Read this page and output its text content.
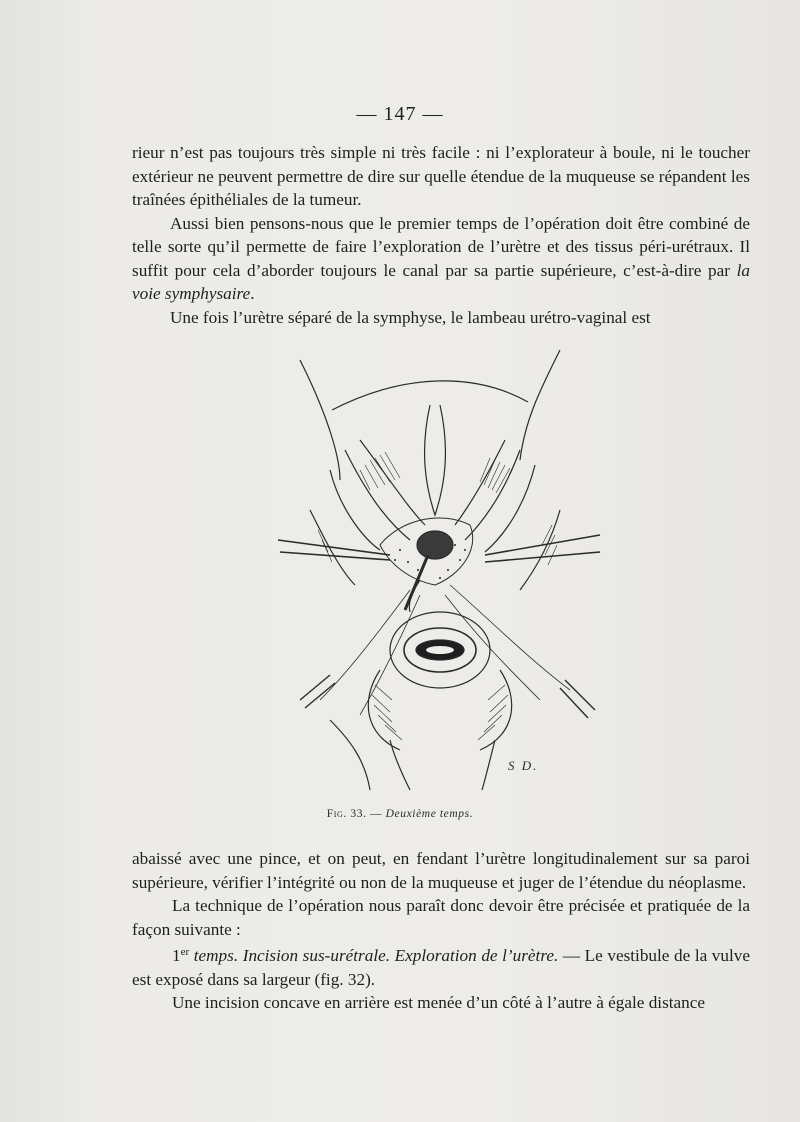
— 147 —

rieur n’est pas toujours très simple ni très facile : ni l’explorateur à boule, ni le toucher extérieur ne peuvent permettre de dire sur quelle étendue de la muqueuse se répandent les traînées épithéliales de la tumeur.

Aussi bien pensons-nous que le premier temps de l’opération doit être combiné de telle sorte qu’il permette de faire l’exploration de l’urètre et des tissus péri-urétraux. Il suffit pour cela d’aborder toujours le canal par sa partie supérieure, c’est-à-dire par la voie symphysaire.

Une fois l’urètre séparé de la symphyse, le lambeau urétro-vaginal est

S D.
Fig. 33. — Deuxième temps.

abaissé avec une pince, et on peut, en fendant l’urètre longitudinalement sur sa paroi supérieure, vérifier l’intégrité ou non de la muqueuse et juger de l’étendue du néoplasme.

La technique de l’opération nous paraît donc devoir être précisée et pratiquée de la façon suivante :

1er temps. Incision sus-urétrale. Exploration de l’urètre. — Le vestibule de la vulve est exposé dans sa largeur (fig. 32).

Une incision concave en arrière est menée d’un côté à l’autre à égale distance
